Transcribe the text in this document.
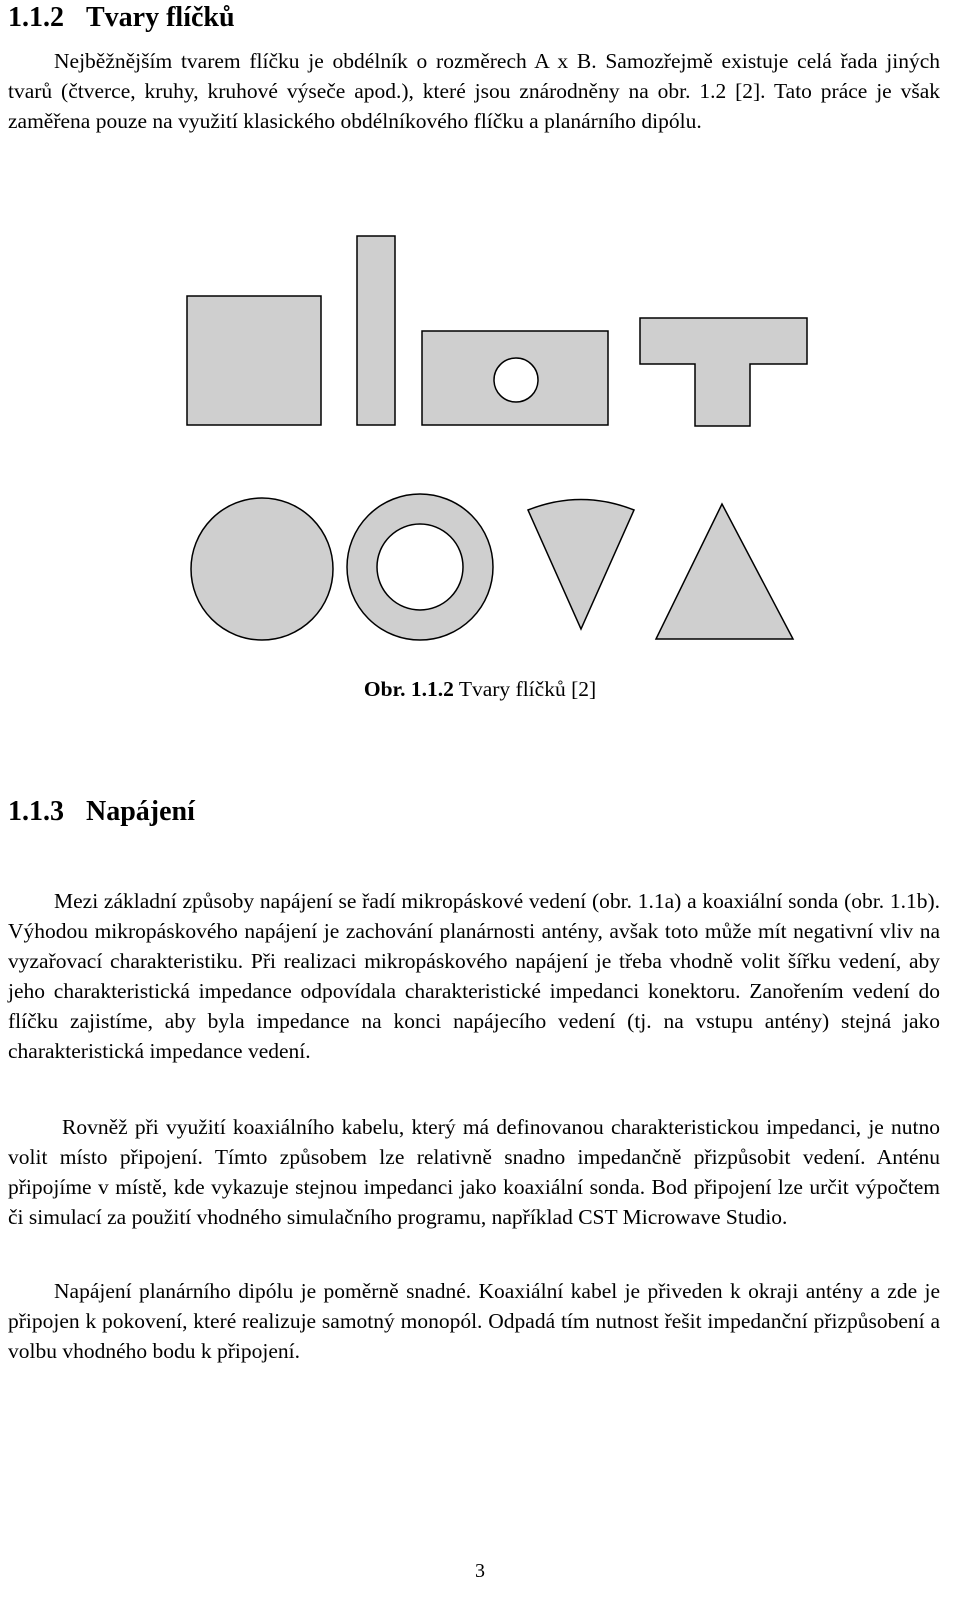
1.1.2 Tvary flíčků

Nejběžnějším tvarem flíčku je obdélník o rozměrech A x B. Samozřejmě existuje celá řada jiných tvarů (čtverce, kruhy, kruhové výseče apod.), které jsou znárodněny na obr. 1.2 [2]. Tato práce je však zaměřena pouze na využití klasického obdélníkového flíčku a planárního dipólu.

Obr. 1.1.2 Tvary flíčků [2]

1.1.3 Napájení

Mezi základní způsoby napájení se řadí mikropáskové vedení (obr. 1.1a) a koaxiální sonda (obr. 1.1b). Výhodou mikropáskového napájení je zachování planárnosti antény, avšak toto může mít negativní vliv na vyzařovací charakteristiku. Při realizaci mikropáskového napájení je třeba vhodně volit šířku vedení, aby jeho charakteristická impedance odpovídala charakteristické impedanci konektoru. Zanořením vedení do flíčku zajistíme, aby byla impedance na konci napájecího vedení (tj. na vstupu antény) stejná jako charakteristická impedance vedení.

Rovněž při využití koaxiálního kabelu, který má definovanou charakteristickou impedanci, je nutno volit místo připojení. Tímto způsobem lze relativně snadno impedančně přizpůsobit vedení. Anténu připojíme v místě, kde vykazuje stejnou impedanci jako koaxiální sonda. Bod připojení lze určit výpočtem či simulací za použití vhodného simulačního programu, například CST Microwave Studio.

Napájení planárního dipólu je poměrně snadné. Koaxiální kabel je přiveden k okraji antény a zde je připojen k pokovení, které realizuje samotný monopól. Odpadá tím nutnost řešit impedanční přizpůsobení a volbu vhodného bodu k připojení.

3
